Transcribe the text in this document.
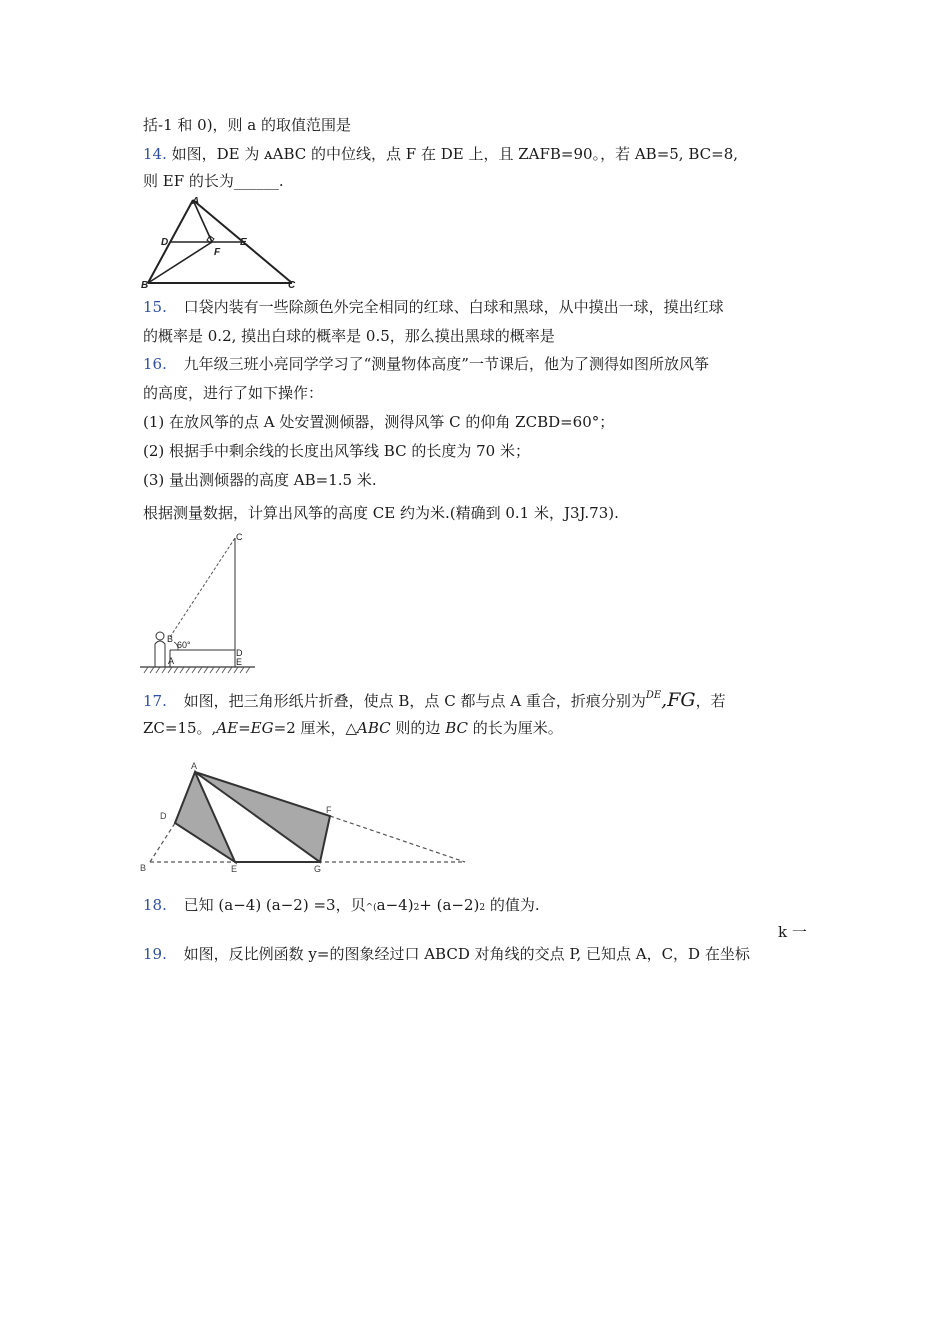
括-1 和 0)，则 a 的取值范围是
14. 如图，DE 为 ᴀABC 的中位线，点 F 在 DE 上，且 ZAFB=90。，若 AB=5, BC=8,
则 EF 的长为______.
A
D	E
F
B	C
15. 口袋内装有一些除颜色外完全相同的红球、白球和黑球，从中摸出一球，摸出红球
的概率是 0.2, 摸出白球的概率是 0.5，那么摸出黑球的概率是
16. 九年级三班小亮同学学习了“测量物体高度”一节课后，他为了测得如图所放风筝
的高度，进行了如下操作：
(1) 在放风筝的点 A 处安置测倾器，测得风筝 C 的仰角 ZCBD=60°；
(2) 根据手中剩余线的长度出风筝线 BC 的长度为 70 米；
(3) 量出测倾器的高度 AB=1.5 米.
根据测量数据，计算出风筝的高度 CE 约为米.(精确到 0.1 米，J3J.73).
C
B
60°
A
D
E
17. 如图，把三角形纸片折叠，使点 B，点 C 都与点 A 重合，折痕分别为$^{DE}$,FG，若
ZC=15。,AE=EG=2 厘米，△ABC 则的边 BC 的长为厘米。
A
D
F
B	E	G
18. 已知 (a−4) (a−2) =3，贝^(a−4)2+ (a−2)2 的值为.
k 一
19. 如图，反比例函数 y=的图象经过口 ABCD 对角线的交点 P, 已知点 A，C，D 在坐标
